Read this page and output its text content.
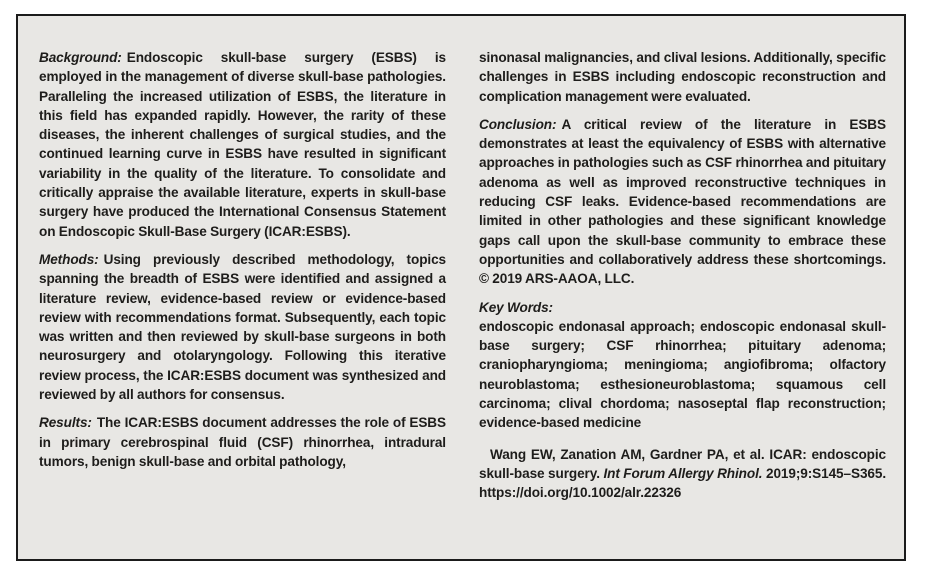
Background: Endoscopic skull-base surgery (ESBS) is employed in the management of diverse skull-base pathologies. Paralleling the increased utilization of ESBS, the literature in this field has expanded rapidly. However, the rarity of these diseases, the inherent challenges of surgical studies, and the continued learning curve in ESBS have resulted in significant variability in the quality of the literature. To consolidate and critically appraise the available literature, experts in skull-base surgery have produced the International Consensus Statement on Endoscopic Skull-Base Surgery (ICAR:ESBS).

Methods: Using previously described methodology, topics spanning the breadth of ESBS were identified and assigned a literature review, evidence-based review or evidence-based review with recommendations format. Subsequently, each topic was written and then reviewed by skull-base surgeons in both neurosurgery and otolaryngology. Following this iterative review process, the ICAR:ESBS document was synthesized and reviewed by all authors for consensus.

Results: The ICAR:ESBS document addresses the role of ESBS in primary cerebrospinal fluid (CSF) rhinorrhea, intradural tumors, benign skull-base and orbital pathology,

sinonasal malignancies, and clival lesions. Additionally, specific challenges in ESBS including endoscopic reconstruction and complication management were evaluated.

Conclusion: A critical review of the literature in ESBS demonstrates at least the equivalency of ESBS with alternative approaches in pathologies such as CSF rhinorrhea and pituitary adenoma as well as improved reconstructive techniques in reducing CSF leaks. Evidence-based recommendations are limited in other pathologies and these significant knowledge gaps call upon the skull-base community to embrace these opportunities and collaboratively address these shortcomings. © 2019 ARS-AAOA, LLC.

Key Words:
endoscopic endonasal approach; endoscopic endonasal skull-base surgery; CSF rhinorrhea; pituitary adenoma; craniopharyngioma; meningioma; angiofibroma; olfactory neuroblastoma; esthesioneuroblastoma; squamous cell carcinoma; clival chordoma; nasoseptal flap reconstruction; evidence-based medicine

Wang EW, Zanation AM, Gardner PA, et al. ICAR: endoscopic skull-base surgery. Int Forum Allergy Rhinol. 2019;9:S145–S365. https://doi.org/10.1002/alr.22326
